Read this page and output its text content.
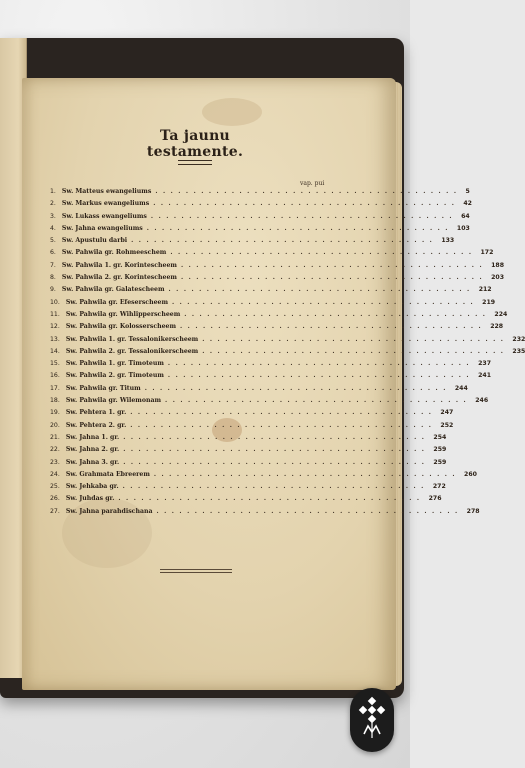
Ta jaunu testamente.
vap. pui
1. Sw. Matteus ewangeliums ........................................ 5
2. Sw. Markus ewangeliums ........................................ 42
3. Sw. Lukass ewangeliums ........................................ 64
4. Sw. Jahna ewangeliums ........................................ 103
5. Sw. Apustulu darbi ........................................ 133
6. Sw. Pahwila gr. Rohmeeschem ........................................ 172
7. Sw. Pahwila 1. gr. Korintescheem ........................................ 188
8. Sw. Pahwila 2. gr. Korintescheem ........................................ 203
9. Sw. Pahwila gr. Galatescheem ........................................ 212
10. Sw. Pahwila gr. Efeserscheem ........................................ 219
11. Sw. Pahwila gr. Wihlipperscheem ........................................ 224
12. Sw. Pahwila gr. Kolosserscheem ........................................ 228
13. Sw. Pahwila 1. gr. Tessalonikerscheem ........................................ 232
14. Sw. Pahwila 2. gr. Tessalonikerscheem ........................................ 235
15. Sw. Pahwila 1. gr. Timoteum ........................................ 237
16. Sw. Pahwila 2. gr. Timoteum ........................................ 241
17. Sw. Pahwila gr. Titum ........................................ 244
18. Sw. Pahwila gr. Wilemonam ........................................ 246
19. Sw. Pehtera 1. gr. ........................................ 247
20. Sw. Pehtera 2. gr. ........................................ 252
21. Sw. Jahna 1. gr. ........................................ 254
22. Sw. Jahna 2. gr. ........................................ 259
23. Sw. Jahna 3. gr. ........................................ 259
24. Sw. Grahmata Ebreerem ........................................ 260
25. Sw. Jehkaba gr. ........................................ 272
26. Sw. Juhdas gr. ........................................ 276
27. Sw. Jahna parahdischana ........................................ 278
